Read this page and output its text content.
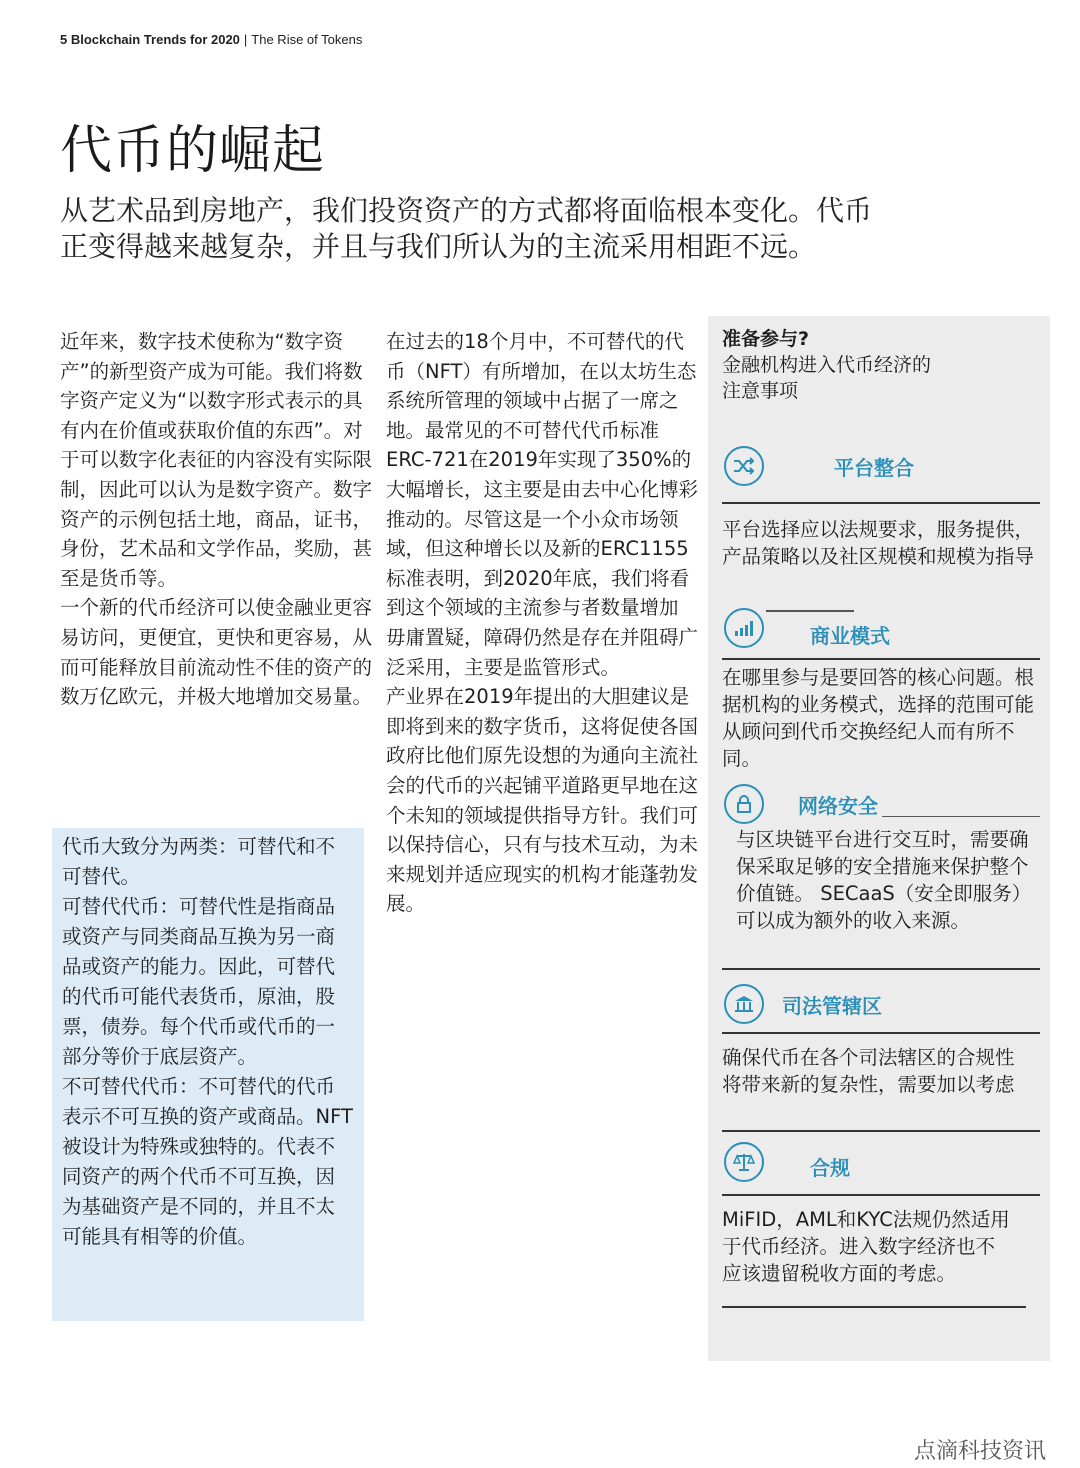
5 Blockchain Trends for 2020 | The Rise of Tokens
代币的崛起
从艺术品到房地产，我们投资资产的方式都将面临根本变化。代币
正变得越来越复杂，并且与我们所认为的主流采用相距不远。

近年来，数字技术使称为“数字资产”的新型资产成为可能。我们将数字资产定义为“以数字形式表示的具有内在价值或获取价值的东西”。对于可以数字化表征的内容没有实际限制，因此可以认为是数字资产。数字资产的示例包括土地，商品，证书，身份，艺术品和文学作品，奖励，甚至是货币等。

一个新的代币经济可以使金融业更容易访问，更便宜，更快和更容易，从而可能释放目前流动性不佳的资产的数万亿欧元，并极大地增加交易量。

代币大致分为两类：可替代和不可替代。

可替代代币：可替代性是指商品或资产与同类商品互换为另一商品或资产的能力。因此，可替代的代币可能代表货币，原油，股票，债券。每个代币或代币的一部分等价于底层资产。

不可替代代币：不可替代的代币表示不可互换的资产或商品。NFT被设计为特殊或独特的。代表不同资产的两个代币不可互换，因为基础资产是不同的，并且不太可能具有相等的价值。

在过去的18个月中，不可替代的代币（NFT）有所增加，在以太坊生态系统所管理的领域中占据了一席之地。最常见的不可替代代币标准ERC-721在2019年实现了350%的大幅增长，这主要是由去中心化博彩推动的。尽管这是一个小众市场领域，但这种增长以及新的ERC1155标准表明，到2020年底，我们将看到这个领域的主流参与者数量增加

毋庸置疑，障碍仍然是存在并阻碍广泛采用，主要是监管形式。

产业界在2019年提出的大胆建议是即将到来的数字货币，这将促使各国政府比他们原先设想的为通向主流社会的代币的兴起铺平道路更早地在这个未知的领域提供指导方针。我们可以保持信心，只有与技术互动，为未来规划并适应现实的机构才能蓬勃发展。

准备参与?
金融机构进入代币经济的
注意事项
平台整合
平台选择应以法规要求，服务提供，产品策略以及社区规模和规模为指导
商业模式
在哪里参与是要回答的核心问题。根据机构的业务模式，选择的范围可能从顾问到代币交换经纪人而有所不同。
网络安全
与区块链平台进行交互时，需要确保采取足够的安全措施来保护整个价值链。 SECaaS（安全即服务）可以成为额外的收入来源。
司法管辖区
确保代币在各个司法辖区的合规性将带来新的复杂性，需要加以考虑
合规
MiFID，AML和KYC法规仍然适用于代币经济。进入数字经济也不应该遗留税收方面的考虑。
点滴科技资讯
